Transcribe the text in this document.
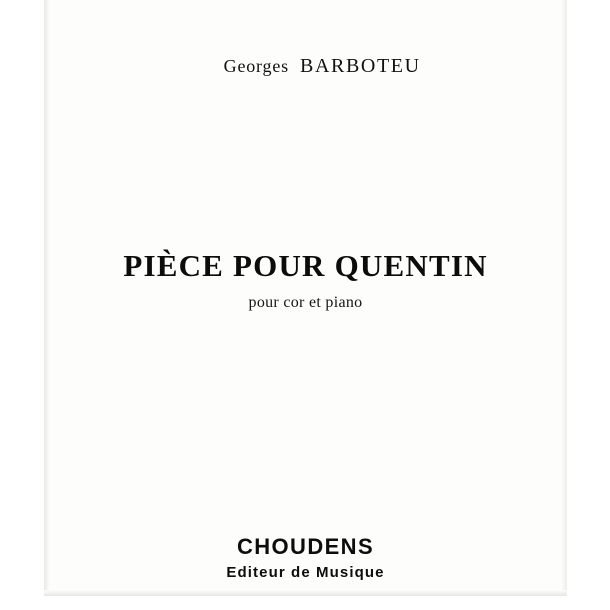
Georges BARBOTEU

PIÈCE POUR QUENTIN
pour cor et piano
CHOUDENS
Editeur de Musique
